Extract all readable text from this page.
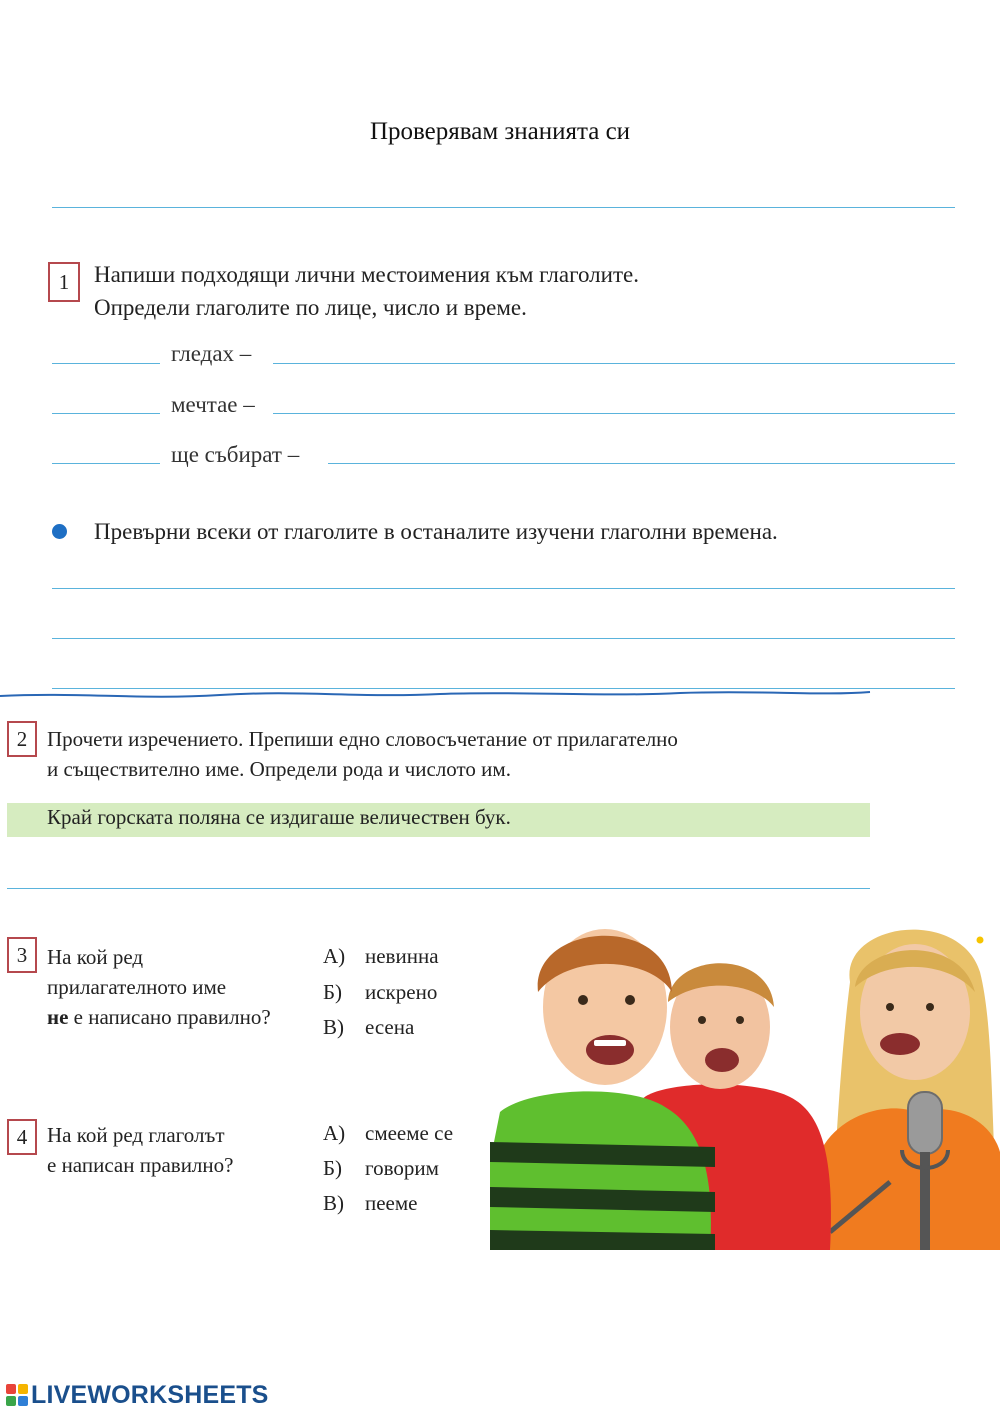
Проверявам знанията си
1 Напиши подходящи лични местоимения към глаголите.
Определи глаголите по лице, число и време.
гледах –
мечтае –
ще събират –
Превърни всеки от глаголите в останалите изучени глаголни времена.
2 Прочети изречението. Препиши едно словосъчетание от прилагателно
и съществително име. Определи рода и числото им.
Край горската поляна се издигаше величествен бук.
3 На кой ред
прилагателното име
не е написано правилно?
А) невинна
Б) искрено
В) есена
4 На кой ред глаголът
е написан правилно?
А) смееме се
Б) говорим
В) пееме
LIVEWORKSHEETS
